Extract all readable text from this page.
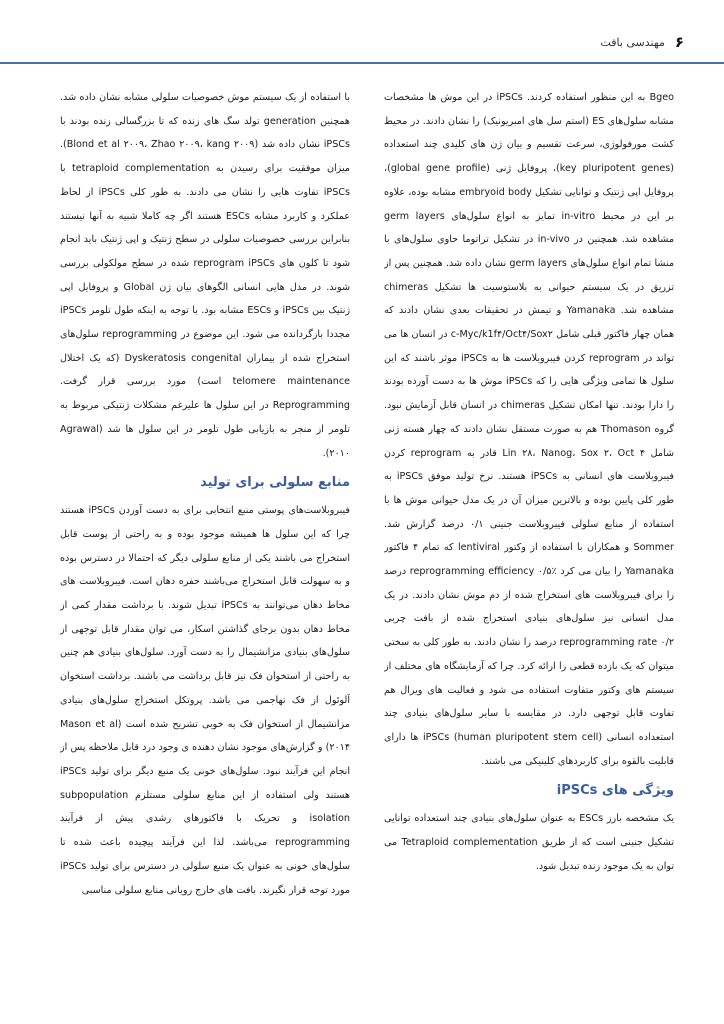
۶
مهندسی بافت

Bgeo به این منظور استفاده کردند. iPSCs در این موش ها مشخصات مشابه سلول‌های ES (استم سل های امبریونیک) را نشان دادند. در محیط کشت مورفولوژی، سرعت تقسیم و بیان ژن های کلیدی چند استعداده (key pluripotent genes)، پروفایل ژنی (global gene profile)، پروفایل اپی ژنتیک و توانایی تشکیل embryoid body مشابه بوده، علاوه بر این در محیط in-vitro تمایز به انواع سلول‌های germ layers مشاهده شد. همچنین در in-vivo در تشکیل تراتوما حاوی سلول‌های با منشا تمام انواع سلول‌های germ layers نشان داده شد. همچنین پس از تزریق در یک سیستم حیوانی به بلاستوسیت ها تشکیل chimeras مشاهده شد. Yamanaka و تیمش در تحقیقات بعدی نشان دادند که همان چهار فاکتور قبلی شامل c-Myc/k1f۴/Oct۴/Sox۲ در انسان ها می تواند در reprogram کردن فیبروبلاست ها به iPSCs موثر باشند که این سلول ها تمامی ویژگی هایی را که iPSCs موش ها به دست آورده بودند را دارا بودند. تنها امکان تشکیل chimeras در انسان قابل آزمایش نبود. گروه Thomason هم به صورت مستقل نشان دادند که چهار هسته ژنی شامل Lin ۲۸، Nanog، Sox ۲، Oct ۴ قادر به reprogram کردن فیبروبلاست های انسانی به iPSCs هستند. نرخ تولید موفق iPSCs به طور کلی پایین بوده و بالاترین میزان آن در یک مدل حیوانی موش ها با استفاده از منابع سلولی فیبروبلاست جنینی ۰/۱ درصد گزارش شد. Sommer و همکاران با استفاده از وکتور lentiviral که تمام ۴ فاکتور Yamanaka را بیان می کرد reprogramming efficiency ۰/۵٪ درصد را برای فیبروبلاست های استخراج شده از دم موش نشان دادند. در یک مدل انسانی نیز سلول‌های بنیادی استخراج شده از بافت چربی reprogramming rate ۰/۲ درصد را نشان دادند. به طور کلی به سختی میتوان که یک بازده قطعی را ارائه کرد. چرا که آزمایشگاه های مختلف از سیستم های وکتور متفاوت استفاده می شود و فعالیت های ویرال هم تفاوت قابل توجهی دارد. در مقایسه با سایر سلول‌های بنیادی چند استعداده انسانی (human pluripotent stem cell) iPSCs ها دارای قابلیت بالقوه برای کاربردهای کلینیکی می باشند.

ویژگی های iPSCs

یک مشخصه بارز ESCs به عنوان سلول‌های بنیادی چند استعداده توانایی تشکیل جنینی است که از طریق Tetraploid complementation می توان به یک موجود زنده تبدیل شود.

با استفاده از یک سیستم موش خصوصیات سلولی مشابه نشان داده شد. همچنین generation تولد سگ های زنده که تا بزرگسالی زنده بودند با iPSCs نشان داده شد (Blond et al ۲۰۰۹، Zhao ۲۰۰۹، kang ۲۰۰۹). میزان موفقیت برای رسیدن به tetraploid complementation با iPSCs تفاوت هایی را نشان می دادند. به طور کلی iPSCs از لحاظ عملکرد و کاربرد مشابه ESCs هستند اگر چه کاملا شبیه به آنها نیستند بنابراین بررسی خصوصیات سلولی در سطح ژنتیک و اپی ژنتیک باید انجام شود تا کلون های reprogram iPSCs شده در سطح مولکولی بررسی شوند. در مدل هایی انسانی الگوهای بیان ژن Global و پروفایل اپی ژنتیک بین iPSCs و ESCs مشابه بود. با توجه به اینکه طول تلومر iPSCs مجددا بازگردانده می شود. این موضوع در reprogramming سلول‌های استخراج شده از بیماران Dyskeratosis congenital (که یک اختلال telomere maintenance است) مورد بررسی قرار گرفت. Reprogramming در این سلول ها علیرغم مشکلات ژنتیکی مربوط به تلومر از منجر به بازیابی طول تلومر در این سلول ها شد (Agrawal ۲۰۱۰).

منابع سلولی برای تولید

فیبروبلاست‌های پوستی منبع انتخابی برای به دست آوردن iPSCs هستند چرا که این سلول ها همیشه موجود بوده و به راحتی از پوست قابل استخراج می باشند یکی از منابع سلولی دیگر که احتمالا در دسترس بوده و به سهولت قابل استخراج می‌باشند حفره دهان است. فیبروبلاست های مخاط دهان می‌توانند به iPSCs تبدیل شوند. با برداشت مقدار کمی از مخاط دهان بدون برجای گذاشتن اسکار، می توان مقدار قابل توجهی از سلول‌های بنیادی مزانشیمال را به دست آورد. سلول‌های بنیادی هم چنین به راحتی از استخوان فک نیز قابل برداشت می باشند. برداشت استخوان آلوئول از فک تهاجمی می باشد. پروتکل استخراج سلول‌های بنیادی مزانشیمال از استخوان فک به خوبی تشریح شده است (Mason et al ۲۰۱۴) و گزارش‌های موجود نشان دهنده ی وجود درد قابل ملاحظه پس از انجام این فرآیند نبود. سلول‌های خونی یک منبع دیگر برای تولید iPSCs هستند ولی استفاده از این منابع سلولی مستلزم subpopulation isolation و تحریک با فاکتورهای رشدی پیش از فرآیند reprogramming می‌باشد. لذا این فرآیند پیچیده باعث شده تا سلول‌های خونی به عنوان یک منبع سلولی در دسترس برای تولید iPSCs مورد توجه قرار نگیرند. بافت های خارج رویانی منابع سلولی مناسبی
